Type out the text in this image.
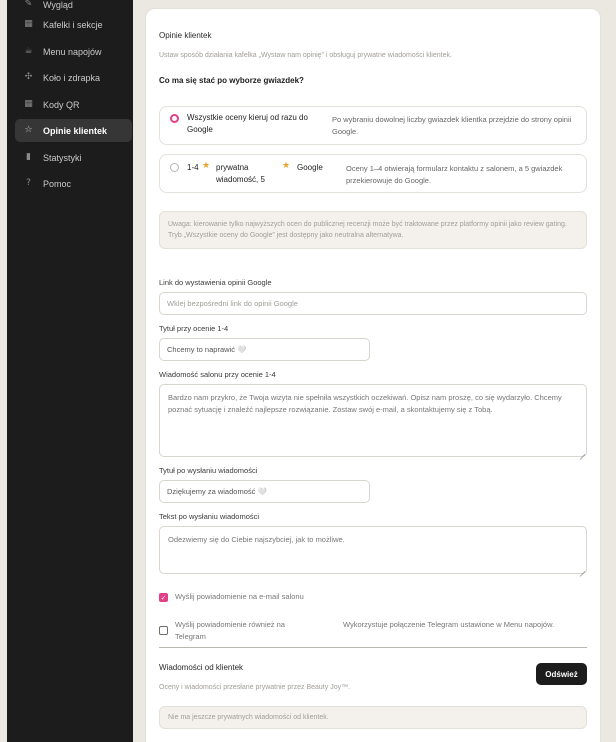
✎	Wygląd
▦ Kafelki i sekcje
☕ Menu napojów
✣	Koło i zdrapka
▦ Kody QR
☆ Opinie klientek
▮	Statystyki
?	Pomoc
Opinie klientek
Ustaw sposób działania kafelka „Wystaw nam opinię” i obsługuj prywatne wiadomości klientek.
Co ma się stać po wyborze gwiazdek?
Wszystkie oceny kieruj od razu do Google
Po wybraniu dowolnej liczby gwiazdek klientka przejdzie do strony opinii Google.
1-4 ★ prywatna wiadomość, 5
★ Google	Oceny 1–4 otwierają formularz kontaktu z salonem, a 5 gwiazdek przekierowuje do Google.
Uwaga: kierowanie tylko najwyższych ocen do publicznej recenzji może być traktowane przez platformy opinii jako review gating. Tryb „Wszystkie oceny do Google” jest dostępny jako neutralna alternatywa.
Link do wystawienia opinii Google
Wklej bezpośredni link do opinii Google
Tytuł przy ocenie 1-4
Chcemy to naprawić 🤍
Wiadomość salonu przy ocenie 1-4
Bardzo nam przykro, że Twoja wizyta nie spełniła wszystkich oczekiwań. Opisz nam proszę, co się wydarzyło. Chcemy poznać sytuację i znaleźć najlepsze rozwiązanie. Zostaw swój e-mail, a skontaktujemy się z Tobą.
Tytuł po wysłaniu wiadomości
Dziękujemy za wiadomość 🤍
Tekst po wysłaniu wiadomości
Odezwiemy się do Ciebie najszybciej, jak to możliwe.
✓ Wyślij powiadomienie na e-mail salonu
Wyślij powiadomienie również na Telegram
Wykorzystuje połączenie Telegram ustawione w Menu napojów.
Wiadomości od klientek
Oceny i wiadomości przesłane prywatnie przez Beauty Joy™.
Odśwież
Nie ma jeszcze prywatnych wiadomości od klientek.
